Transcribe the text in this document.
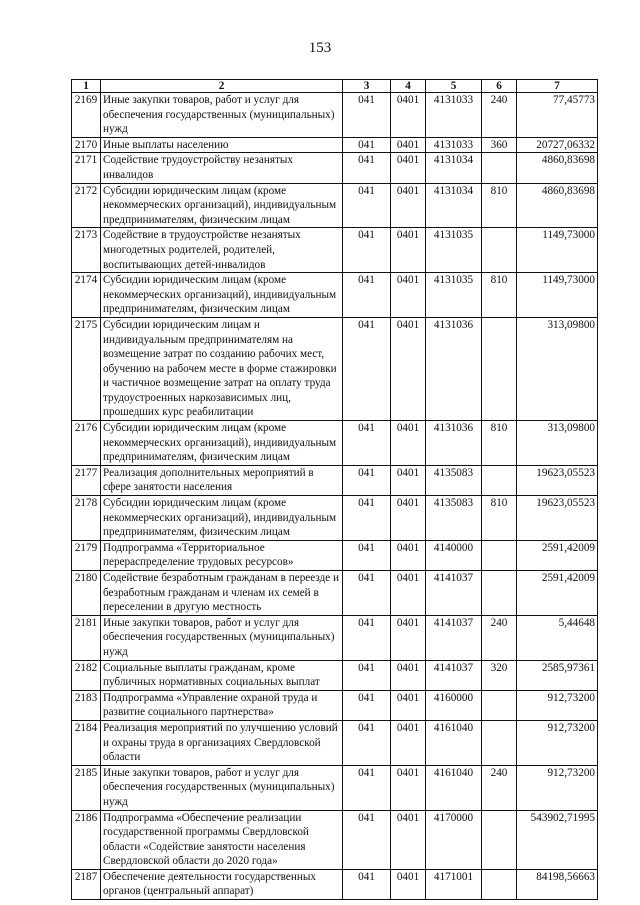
153
1	2	3	4	5	6	7
2169	Иные закупки товаров, работ и услуг для обеспечения государственных (муниципальных) нужд	041	0401	4131033	240	77,45773
2170	Иные выплаты населению	041	0401	4131033	360	20727,06332
2171	Содействие трудоустройству незанятых инвалидов	041	0401	4131034		4860,83698
2172	Субсидии юридическим лицам (кроме некоммерческих организаций), индивидуальным предпринимателям, физическим лицам	041	0401	4131034	810	4860,83698
2173	Содействие в трудоустройстве незанятых многодетных родителей, родителей, воспитывающих детей-инвалидов	041	0401	4131035		1149,73000
2174	Субсидии юридическим лицам (кроме некоммерческих организаций), индивидуальным предпринимателям, физическим лицам	041	0401	4131035	810	1149,73000
2175	Субсидии юридическим лицам и индивидуальным предпринимателям на возмещение затрат по созданию рабочих мест, обучению на рабочем месте в форме стажировки и частичное возмещение затрат на оплату труда трудоустроенных наркозависимых лиц, прошедших курс реабилитации	041	0401	4131036		313,09800
2176	Субсидии юридическим лицам (кроме некоммерческих организаций), индивидуальным предпринимателям, физическим лицам	041	0401	4131036	810	313,09800
2177	Реализация дополнительных мероприятий в сфере занятости населения	041	0401	4135083		19623,05523
2178	Субсидии юридическим лицам (кроме некоммерческих организаций), индивидуальным предпринимателям, физическим лицам	041	0401	4135083	810	19623,05523
2179	Подпрограмма «Территориальное перераспределение трудовых ресурсов»	041	0401	4140000		2591,42009
2180	Содействие безработным гражданам в переезде и безработным гражданам и членам их семей в переселении в другую местность	041	0401	4141037		2591,42009
2181	Иные закупки товаров, работ и услуг для обеспечения государственных (муниципальных) нужд	041	0401	4141037	240	5,44648
2182	Социальные выплаты гражданам, кроме публичных нормативных социальных выплат	041	0401	4141037	320	2585,97361
2183	Подпрограмма «Управление охраной труда и развитие социального партнерства»	041	0401	4160000		912,73200
2184	Реализация мероприятий по улучшению условий и охраны труда в организациях Свердловской области	041	0401	4161040		912,73200
2185	Иные закупки товаров, работ и услуг для обеспечения государственных (муниципальных) нужд	041	0401	4161040	240	912,73200
2186	Подпрограмма «Обеспечение реализации государственной программы Свердловской области «Содействие занятости населения Свердловской области до 2020 года»	041	0401	4170000		543902,71995
2187	Обеспечение деятельности государственных органов (центральный аппарат)	041	0401	4171001		84198,56663
